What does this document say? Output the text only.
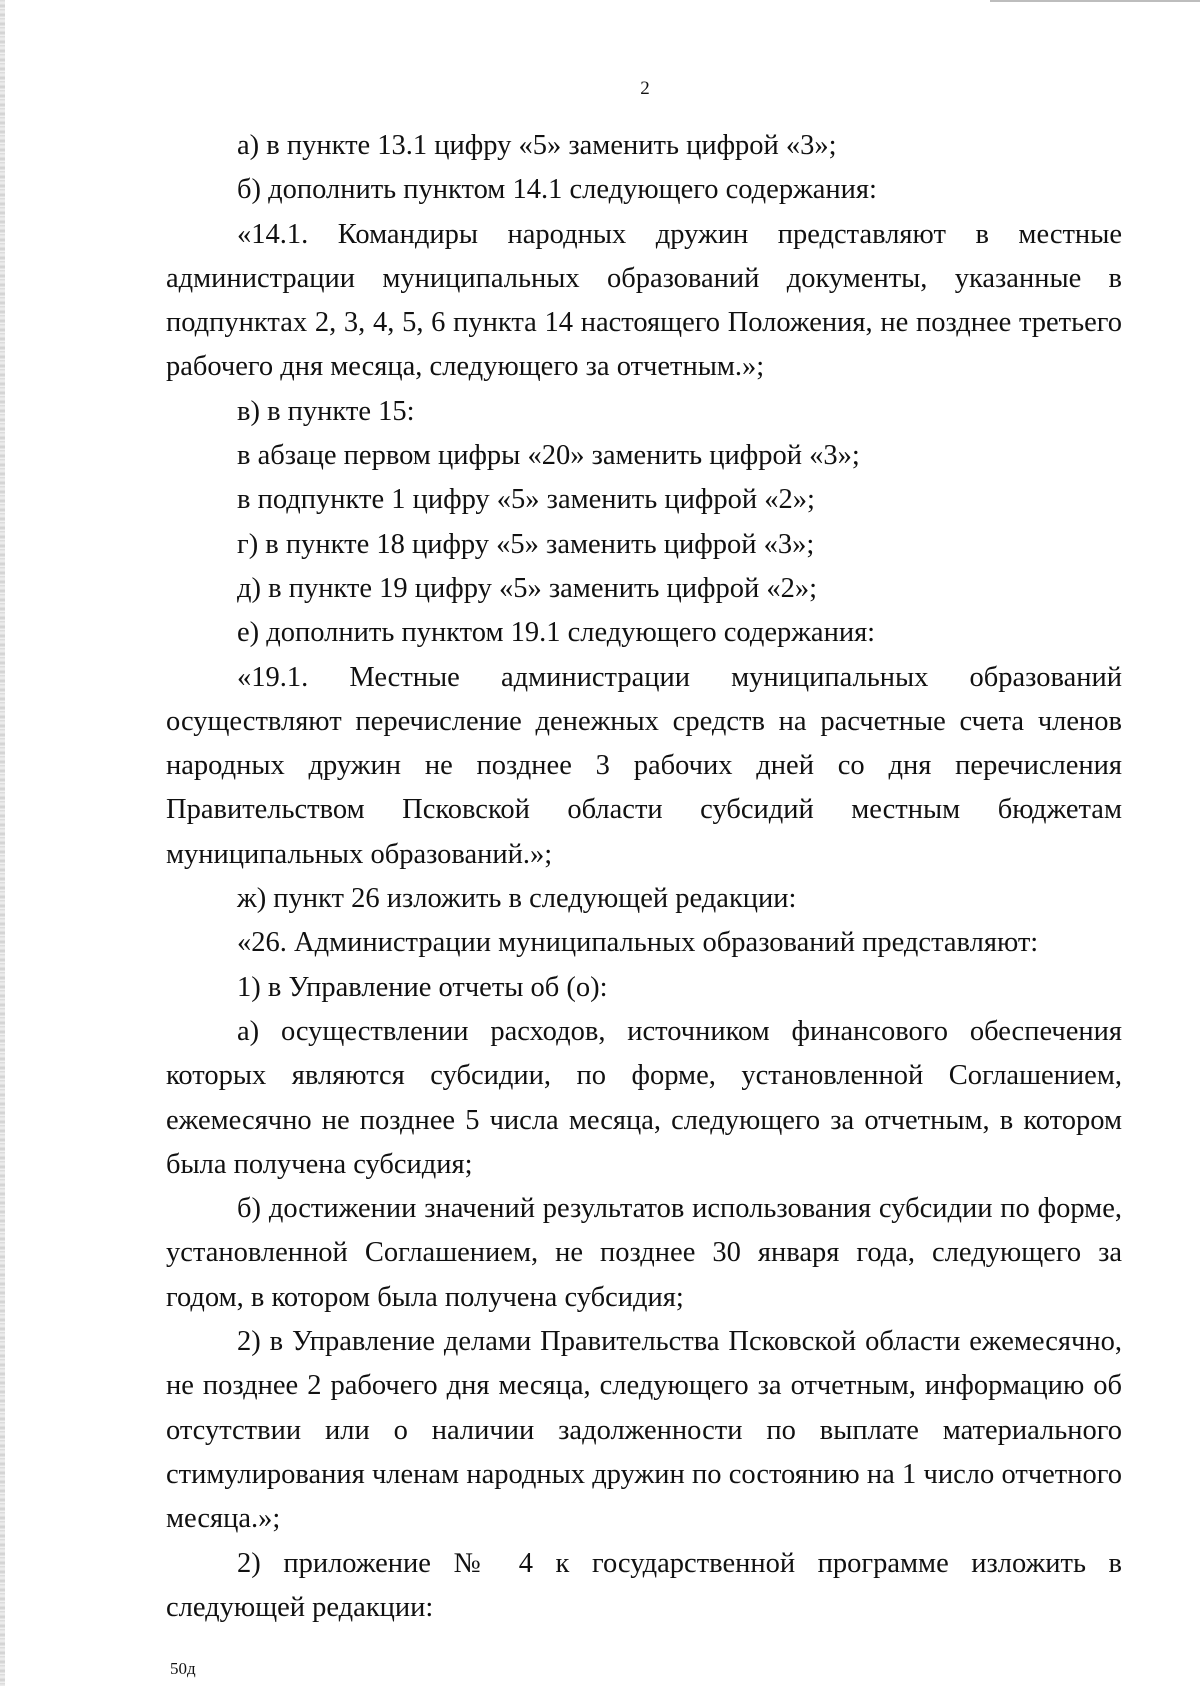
2

а) в пункте 13.1 цифру «5» заменить цифрой «3»;

б) дополнить пунктом 14.1 следующего содержания:

«14.1. Командиры народных дружин представляют в местные администрации муниципальных образований документы, указанные в подпунктах 2, 3, 4, 5, 6 пункта 14 настоящего Положения, не позднее третьего рабочего дня месяца, следующего за отчетным.»;

в) в пункте 15:

в абзаце первом цифры «20» заменить цифрой «3»;

в подпункте 1 цифру «5» заменить цифрой «2»;

г) в пункте 18 цифру «5» заменить цифрой «3»;

д) в пункте 19 цифру «5» заменить цифрой «2»;

е) дополнить пунктом 19.1 следующего содержания:

«19.1. Местные администрации муниципальных образований осуществляют перечисление денежных средств на расчетные счета членов народных дружин не позднее 3 рабочих дней со дня перечисления Правительством Псковской области субсидий местным бюджетам муниципальных образований.»;

ж) пункт 26 изложить в следующей редакции:

«26. Администрации муниципальных образований представляют:

1) в Управление отчеты об (о):

а) осуществлении расходов, источником финансового обеспечения которых являются субсидии, по форме, установленной Соглашением, ежемесячно не позднее 5 числа месяца, следующего за отчетным, в котором была получена субсидия;

б) достижении значений результатов использования субсидии по форме, установленной Соглашением, не позднее 30 января года, следующего за годом, в котором была получена субсидия;

2) в Управление делами Правительства Псковской области ежемесячно, не позднее 2 рабочего дня месяца, следующего за отчетным, информацию об отсутствии или о наличии задолженности по выплате материального стимулирования членам народных дружин по состоянию на 1 число отчетного месяца.»;

2) приложение № 4 к государственной программе изложить в следующей редакции:

50д
